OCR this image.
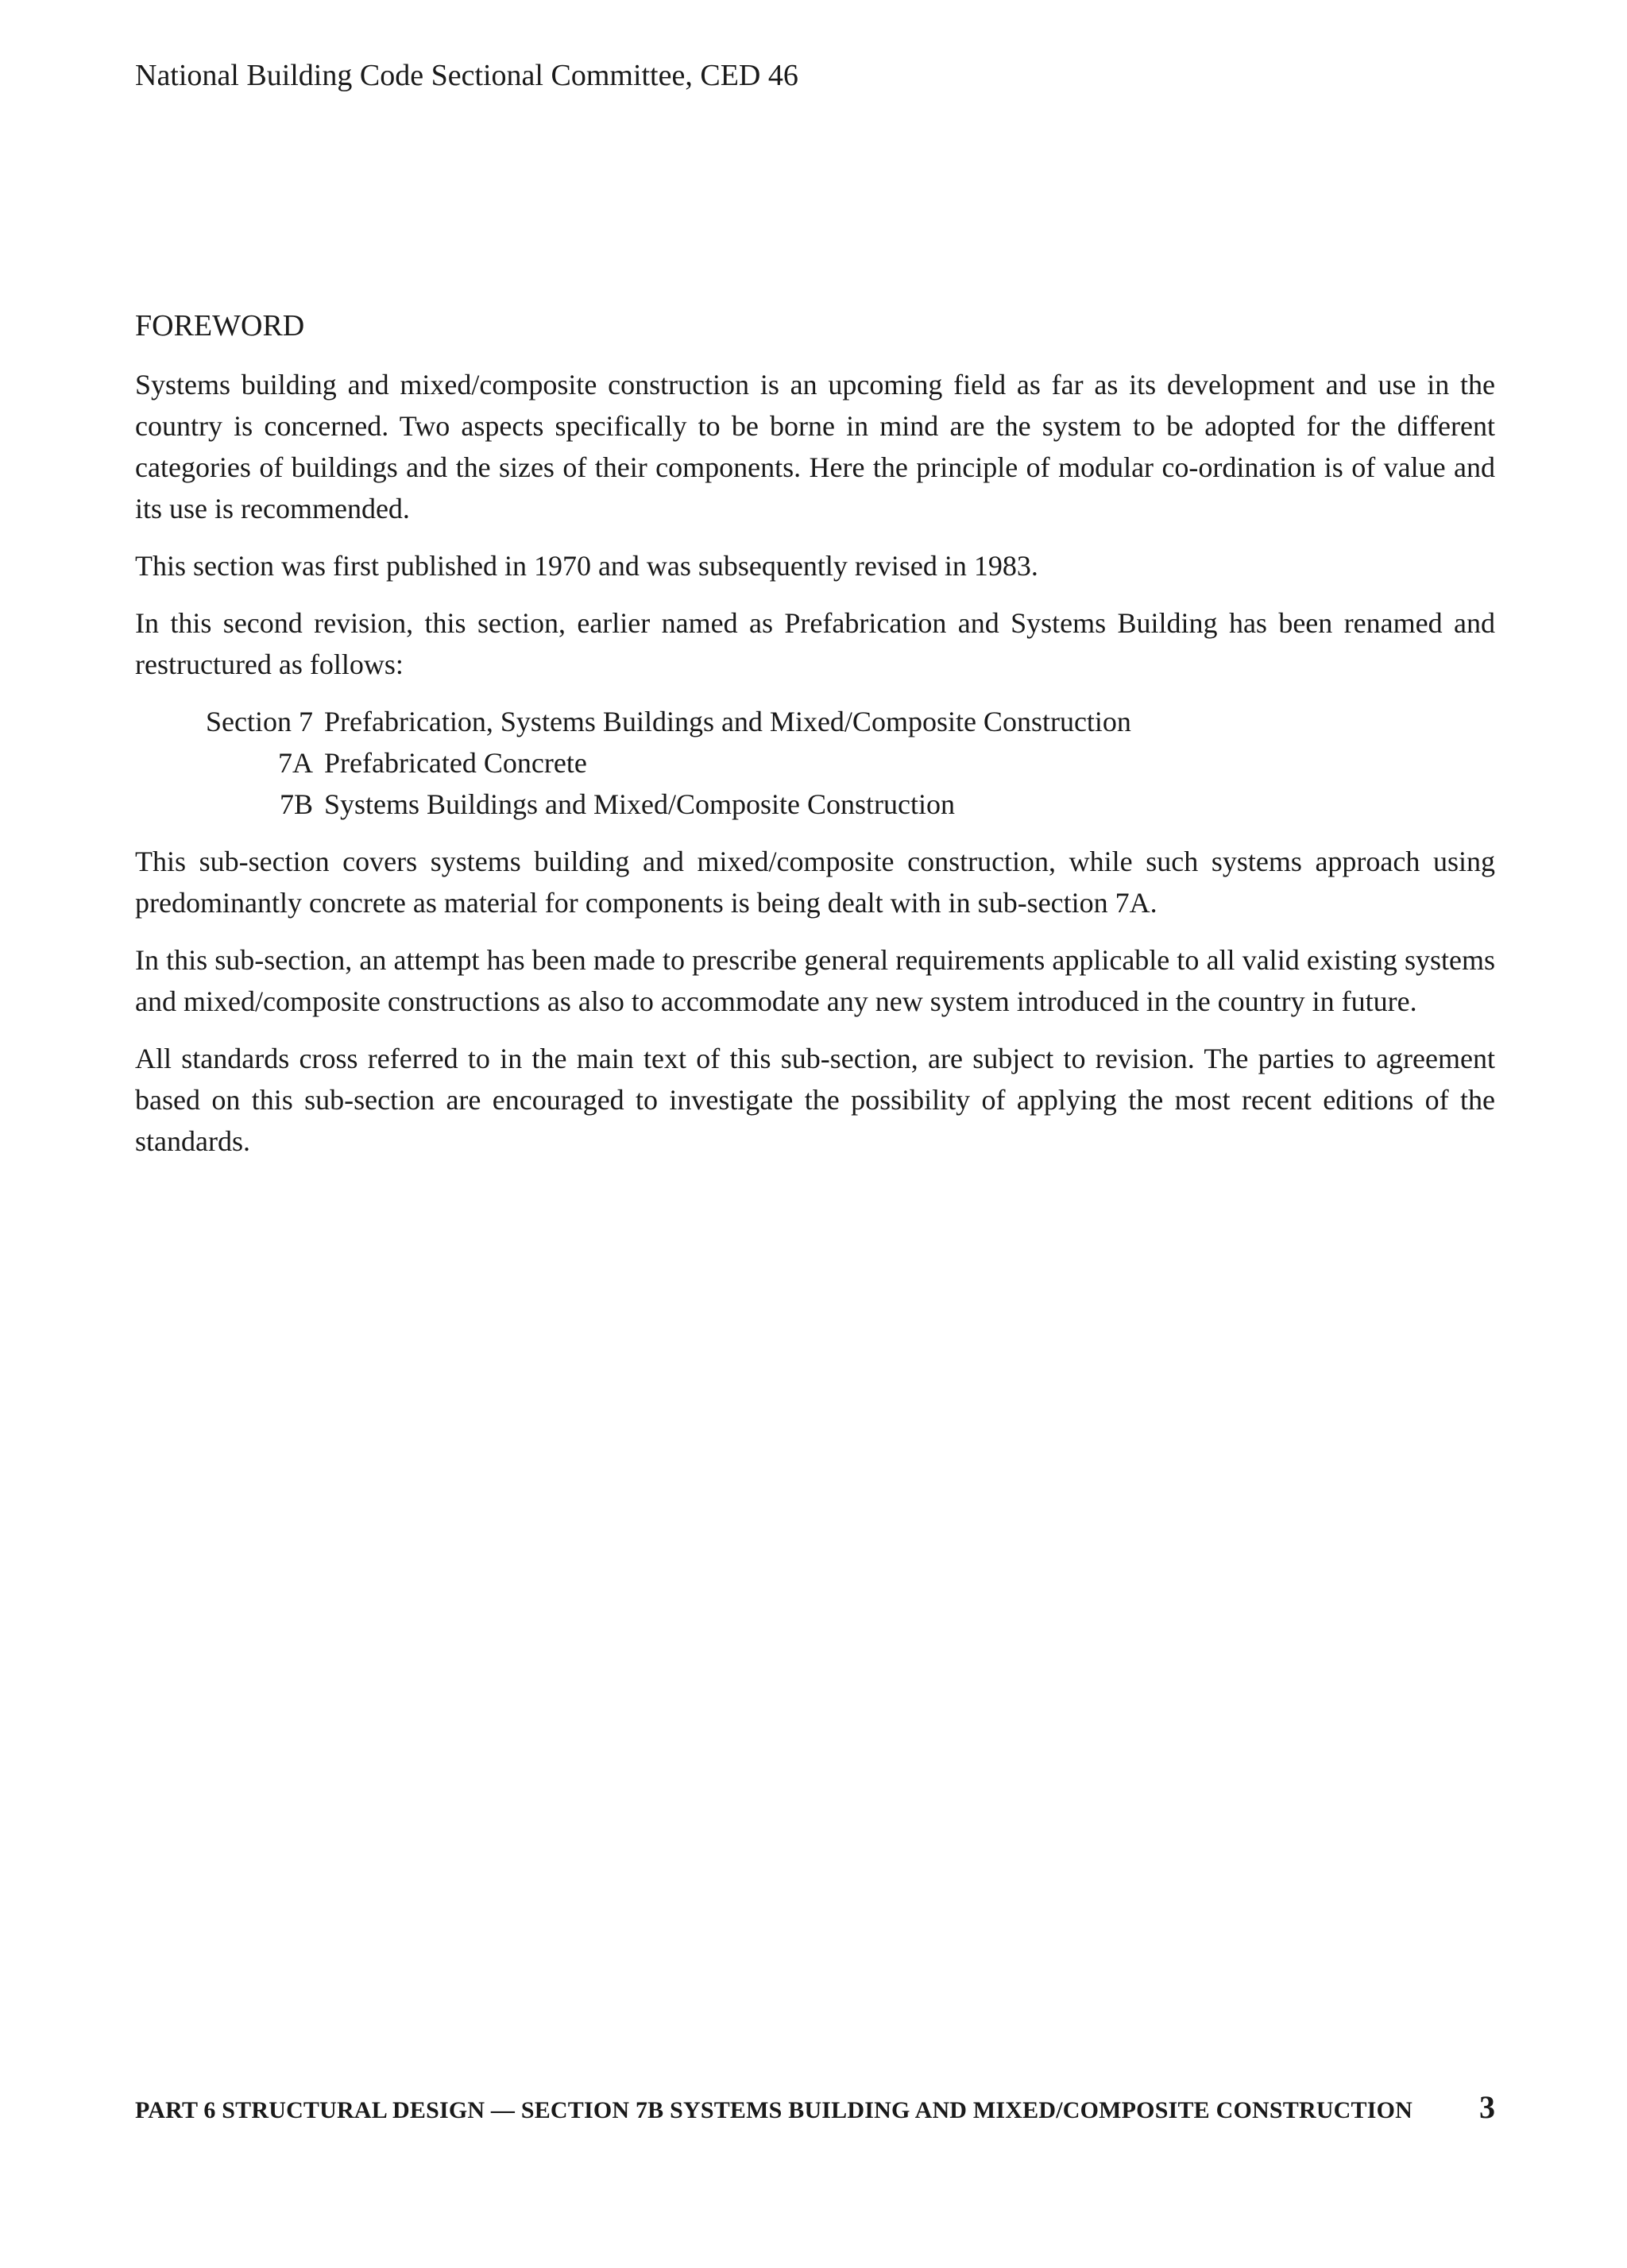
National Building Code Sectional Committee, CED 46
FOREWORD

Systems building and mixed/composite construction is an upcoming field as far as its development and use in the country is concerned. Two aspects specifically to be borne in mind are the system to be adopted for the different categories of buildings and the sizes of their components. Here the principle of modular co-ordination is of value and its use is recommended.

This section was first published in 1970 and was subsequently revised in 1983.

In this second revision, this section, earlier named as Prefabrication and Systems Building has been renamed and restructured as follows:

Section 7 Prefabrication, Systems Buildings and Mixed/Composite Construction
7A Prefabricated Concrete
7B Systems Buildings and Mixed/Composite Construction

This sub-section covers systems building and mixed/composite construction, while such systems approach using predominantly concrete as material for components is being dealt with in sub-section 7A.

In this sub-section, an attempt has been made to prescribe general requirements applicable to all valid existing systems and mixed/composite constructions as also to accommodate any new system introduced in the country in future.

All standards cross referred to in the main text of this sub-section, are subject to revision. The parties to agreement based on this sub-section are encouraged to investigate the possibility of applying the most recent editions of the standards.

PART 6 STRUCTURAL DESIGN — SECTION 7B SYSTEMS BUILDING AND MIXED/COMPOSITE CONSTRUCTION 3
